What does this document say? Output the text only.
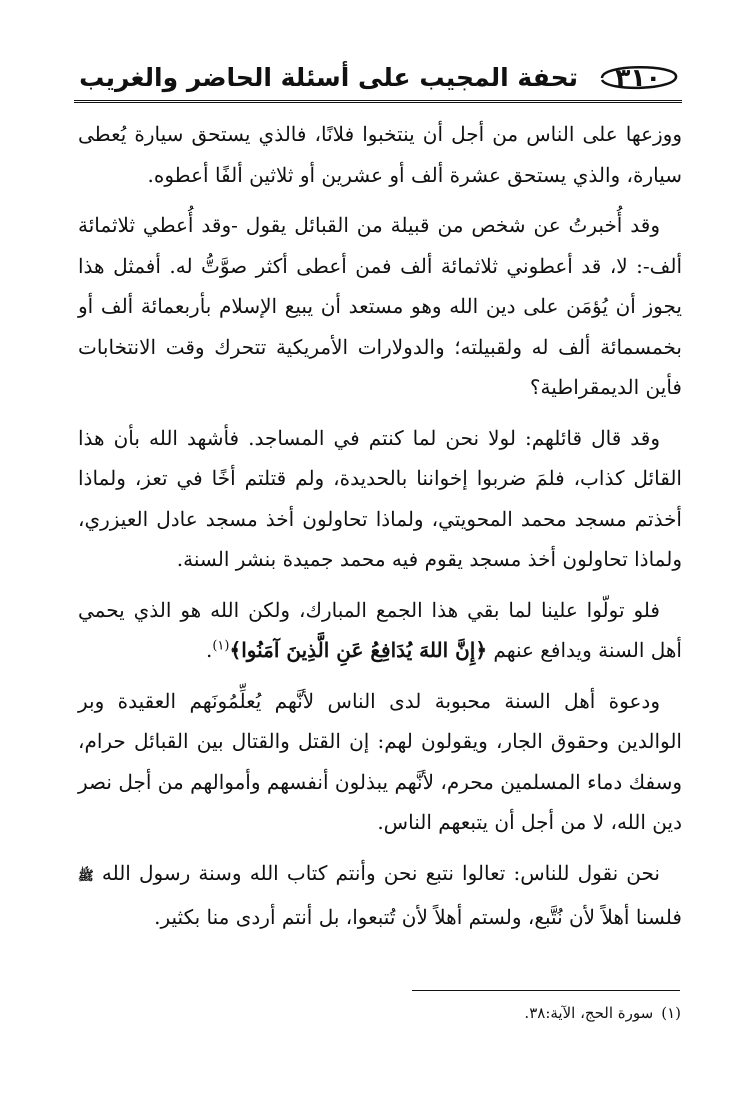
٣١٠
تحفة المجيب على أسئلة الحاضر والغريب

ووزعها على الناس من أجل أن ينتخبوا فلانًا، فالذي يستحق سيارة يُعطى سيارة، والذي يستحق عشرة ألف أو عشرين أو ثلاثين ألفًا أعطوه.

وقد أُخبرتُ عن شخص من قبيلة من القبائل يقول -وقد أُعطي ثلاثمائة ألف-: لا، قد أعطوني ثلاثمائة ألف فمن أعطى أكثر صوَّتُّ له. أفمثل هذا يجوز أن يُؤمَن على دين الله وهو مستعد أن يبيع الإسلام بأربعمائة ألف أو بخمسمائة ألف له ولقبيلته؛ والدولارات الأمريكية تتحرك وقت الانتخابات فأين الديمقراطية؟

وقد قال قائلهم: لولا نحن لما كنتم في المساجد. فأشهد الله بأن هذا القائل كذاب، فلمَ ضربوا إخواننا بالحديدة، ولم قتلتم أخًا في تعز، ولماذا أخذتم مسجد محمد المحويتي، ولماذا تحاولون أخذ مسجد عادل العيزري، ولماذا تحاولون أخذ مسجد يقوم فيه محمد جميدة بنشر السنة.

فلو تولّوا علينا لما بقي هذا الجمع المبارك، ولكن الله هو الذي يحمي أهل السنة ويدافع عنهم ﴿إِنَّ اللهَ يُدَافِعُ عَنِ الَّذِينَ آمَنُوا﴾$^{(١)}$.

ودعوة أهل السنة محبوبة لدى الناس لأنَّهم يُعلِّمُونَهم العقيدة وبر الوالدين وحقوق الجار، ويقولون لهم: إن القتل والقتال بين القبائل حرام، وسفك دماء المسلمين محرم، لأنَّهم يبذلون أنفسهم وأموالهم من أجل نصر دين الله، لا من أجل أن يتبعهم الناس.

نحن نقول للناس: تعالوا نتبع نحن وأنتم كتاب الله وسنة رسول الله ﷺ فلسنا أهلاً لأن نُتَّبع، ولستم أهلاً لأن تُتبعوا، بل أنتم أردى منا بكثير.

(١)سورة الحج، الآية:٣٨.
